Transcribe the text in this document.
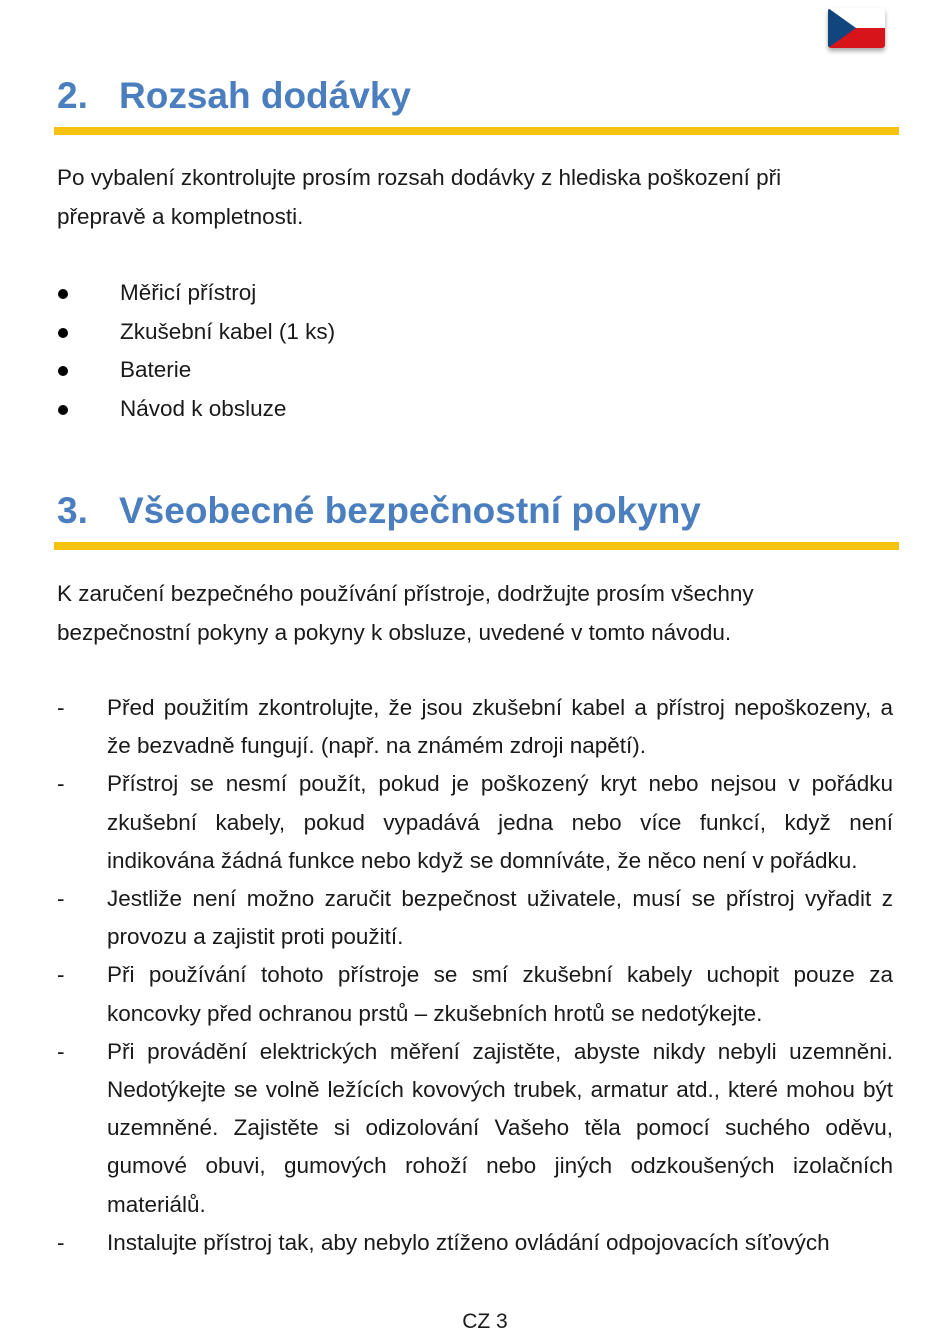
2. Rozsah dodávky

Po vybalení zkontrolujte prosím rozsah dodávky z hlediska poškození při přepravě a kompletnosti.

Měřicí přístroj
Zkušební kabel (1 ks)
Baterie
Návod k obsluze
3. Všeobecné bezpečnostní pokyny

K zaručení bezpečného používání přístroje, dodržujte prosím všechny bezpečnostní pokyny a pokyny k obsluze, uvedené v tomto návodu.

- Před použitím zkontrolujte, že jsou zkušební kabel a přístroj nepoškozeny, a že bezvadně fungují. (např. na známém zdroji napětí).
- Přístroj se nesmí použít, pokud je poškozený kryt nebo nejsou v pořádku zkušební kabely, pokud vypadává jedna nebo více funkcí, když není indikována žádná funkce nebo když se domníváte, že něco není v pořádku.
- Jestliže není možno zaručit bezpečnost uživatele, musí se přístroj vyřadit z provozu a zajistit proti použití.
- Při používání tohoto přístroje se smí zkušební kabely uchopit pouze za koncovky před ochranou prstů – zkušebních hrotů se nedotýkejte.
- Při provádění elektrických měření zajistěte, abyste nikdy nebyli uzemněni. Nedotýkejte se volně ležících kovových trubek, armatur atd., které mohou být uzemněné. Zajistěte si odizolování Vašeho těla pomocí suchého oděvu, gumové obuvi, gumových rohoží nebo jiných odzkoušených izolačních materiálů.
- Instalujte přístroj tak, aby nebylo ztíženo ovládání odpojovacích síťových
CZ 3
